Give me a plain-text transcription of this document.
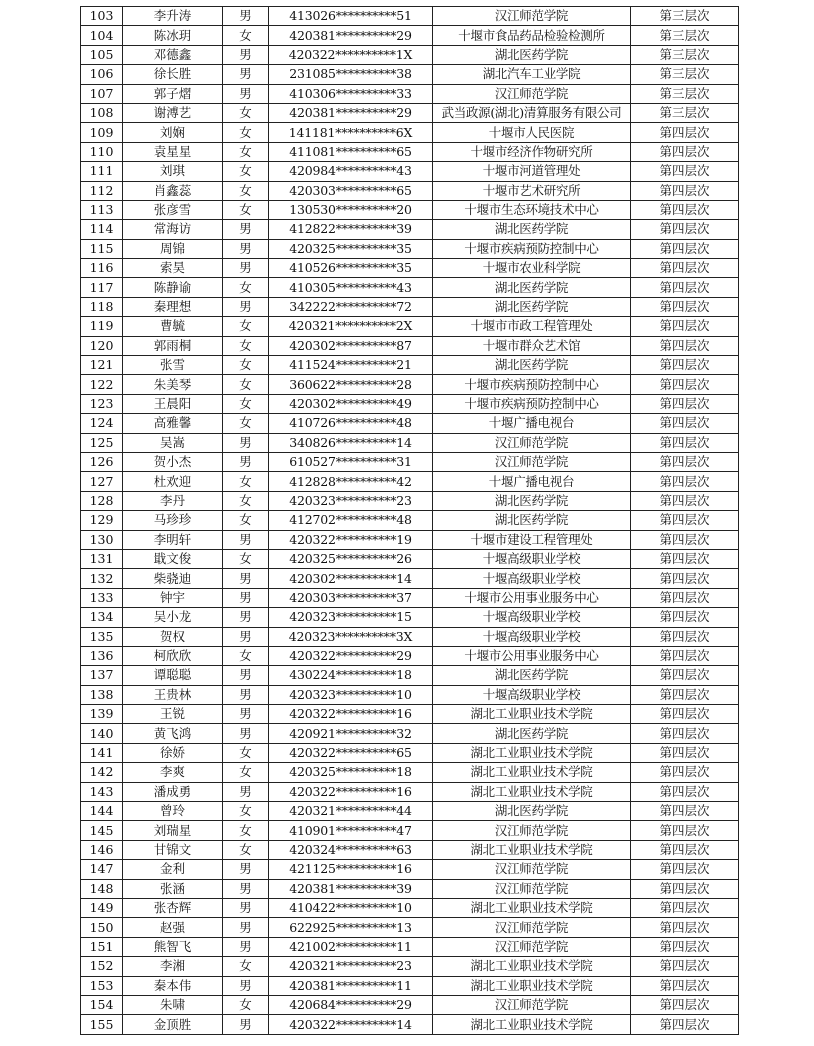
103	李升涛	男	413026**********51	汉江师范学院	第三层次
104	陈冰玥	女	420381**********29	十堰市食品药品检验检测所	第三层次
105	邓德鑫	男	420322**********1X	湖北医药学院	第三层次
106	徐长胜	男	231085**********38	湖北汽车工业学院	第三层次
107	郭子熠	男	410306**********33	汉江师范学院	第三层次
108	谢溥艺	女	420381**********29	武当政源(湖北)清算服务有限公司	第三层次
109	刘娴	女	141181**********6X	十堰市人民医院	第四层次
110	袁星星	女	411081**********65	十堰市经济作物研究所	第四层次
111	刘琪	女	420984**********43	十堰市河道管理处	第四层次
112	肖鑫蕊	女	420303**********65	十堰市艺术研究所	第四层次
113	张彦雪	女	130530**********20	十堰市生态环境技术中心	第四层次
114	常海访	男	412822**********39	湖北医药学院	第四层次
115	周锦	男	420325**********35	十堰市疾病预防控制中心	第四层次
116	索昊	男	410526**********35	十堰市农业科学院	第四层次
117	陈静谕	女	410305**********43	湖北医药学院	第四层次
118	秦理想	男	342222**********72	湖北医药学院	第四层次
119	曹毓	女	420321**********2X	十堰市市政工程管理处	第四层次
120	郭雨桐	女	420302**********87	十堰市群众艺术馆	第四层次
121	张雪	女	411524**********21	湖北医药学院	第四层次
122	朱美琴	女	360622**********28	十堰市疾病预防控制中心	第四层次
123	王晨阳	女	420302**********49	十堰市疾病预防控制中心	第四层次
124	高雅馨	女	410726**********48	十堰广播电视台	第四层次
125	吴嵩	男	340826**********14	汉江师范学院	第四层次
126	贺小杰	男	610527**********31	汉江师范学院	第四层次
127	杜欢迎	女	412828**********42	十堰广播电视台	第四层次
128	李丹	女	420323**********23	湖北医药学院	第四层次
129	马珍珍	女	412702**********48	湖北医药学院	第四层次
130	李明轩	男	420322**********19	十堰市建设工程管理处	第四层次
131	戢文俊	女	420325**********26	十堰高级职业学校	第四层次
132	柴骁迪	男	420302**********14	十堰高级职业学校	第四层次
133	钟宇	男	420303**********37	十堰市公用事业服务中心	第四层次
134	吴小龙	男	420323**********15	十堰高级职业学校	第四层次
135	贺权	男	420323**********3X	十堰高级职业学校	第四层次
136	柯欣欣	女	420322**********29	十堰市公用事业服务中心	第四层次
137	谭聪聪	男	430224**********18	湖北医药学院	第四层次
138	王贵林	男	420323**********10	十堰高级职业学校	第四层次
139	王锐	男	420322**********16	湖北工业职业技术学院	第四层次
140	黄飞鸿	男	420921**********32	湖北医药学院	第四层次
141	徐娇	女	420322**********65	湖北工业职业技术学院	第四层次
142	李爽	女	420325**********18	湖北工业职业技术学院	第四层次
143	潘成勇	男	420322**********16	湖北工业职业技术学院	第四层次
144	曾玲	女	420321**********44	湖北医药学院	第四层次
145	刘瑞星	女	410901**********47	汉江师范学院	第四层次
146	甘锦文	女	420324**********63	湖北工业职业技术学院	第四层次
147	金利	男	421125**********16	汉江师范学院	第四层次
148	张涵	男	420381**********39	汉江师范学院	第四层次
149	张杏辉	男	410422**********10	湖北工业职业技术学院	第四层次
150	赵强	男	622925**********13	汉江师范学院	第四层次
151	熊智飞	男	421002**********11	汉江师范学院	第四层次
152	李湘	女	420321**********23	湖北工业职业技术学院	第四层次
153	秦本伟	男	420381**********11	湖北工业职业技术学院	第四层次
154	朱啸	女	420684**********29	汉江师范学院	第四层次
155	金顶胜	男	420322**********14	湖北工业职业技术学院	第四层次
